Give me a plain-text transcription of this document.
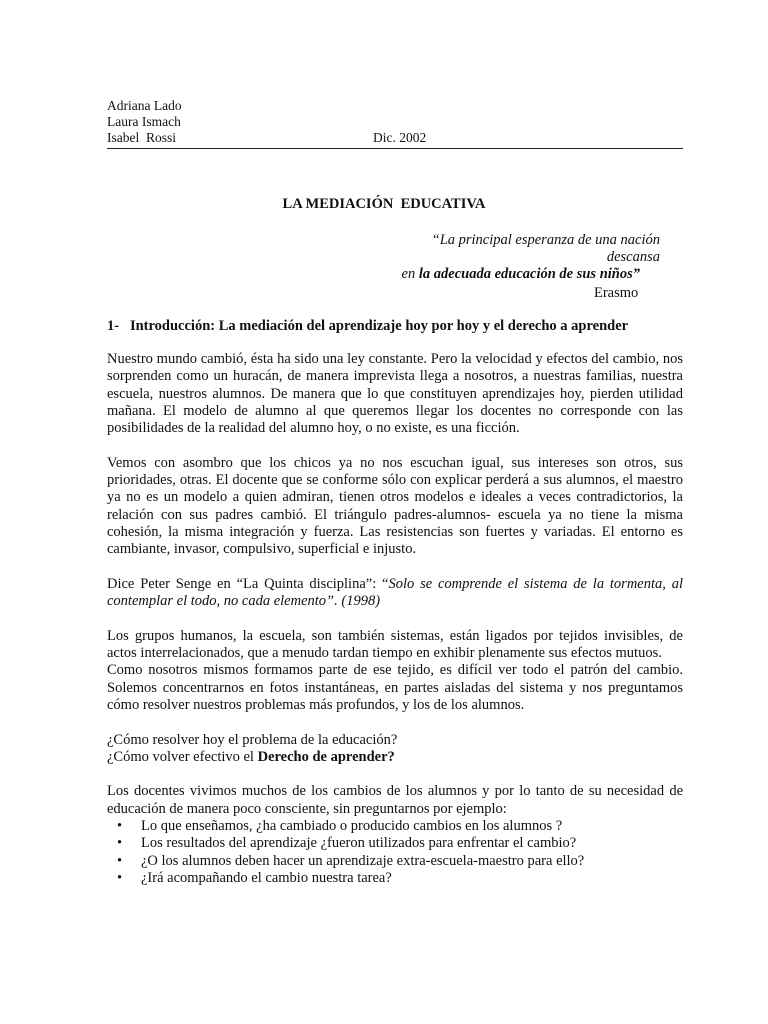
Adriana Lado
Laura Ismach
Isabel  Rossi	Dic. 2002
LA MEDIACIÓN  EDUCATIVA
“La principal esperanza de una nación descansa
en la adecuada educación de sus niños”
Erasmo
1-   Introducción: La mediación del aprendizaje hoy por hoy y el derecho a aprender

Nuestro mundo cambió, ésta ha sido una ley constante. Pero la velocidad y efectos del cambio, nos sorprenden como un huracán, de manera imprevista llega a nosotros, a nuestras familias, nuestra escuela, nuestros alumnos. De manera que lo que constituyen aprendizajes hoy, pierden utilidad mañana. El modelo de alumno al que queremos llegar los docentes no corresponde con las posibilidades de la realidad del alumno hoy, o no existe, es una ficción.

Vemos con asombro que los chicos ya no nos escuchan igual, sus intereses son otros, sus prioridades, otras. El docente que se conforme sólo con explicar perderá a sus alumnos, el maestro ya no es un modelo a quien admiran, tienen otros modelos e ideales a veces contradictorios, la relación con sus padres cambió. El triángulo padres-alumnos- escuela ya no tiene la misma cohesión, la misma integración y fuerza. Las resistencias son fuertes y variadas. El entorno es cambiante, invasor, compulsivo, superficial e injusto.

Dice Peter Senge en “La Quinta disciplina”: “Solo se comprende el sistema de la tormenta, al contemplar el todo, no cada elemento”. (1998)

Los grupos humanos, la escuela, son también sistemas, están ligados por tejidos invisibles, de actos interrelacionados, que a menudo tardan tiempo en exhibir plenamente sus efectos mutuos.

Como nosotros mismos formamos parte de ese tejido, es difícil ver todo el patrón del cambio. Solemos concentrarnos en fotos instantáneas, en partes aisladas del sistema y nos preguntamos cómo resolver nuestros problemas más profundos, y los de los alumnos.

¿Cómo resolver hoy el problema de la educación?

¿Cómo volver efectivo el Derecho de aprender?

Los docentes vivimos muchos de los cambios de los alumnos y por lo tanto de su necesidad de educación de manera poco consciente, sin preguntarnos por ejemplo:

• Lo que enseñamos, ¿ha cambiado o producido cambios en los alumnos ?
• Los resultados del aprendizaje ¿fueron utilizados para enfrentar el cambio?
• ¿O los alumnos deben hacer un aprendizaje extra-escuela-maestro para ello?
• ¿Irá acompañando el cambio nuestra tarea?
